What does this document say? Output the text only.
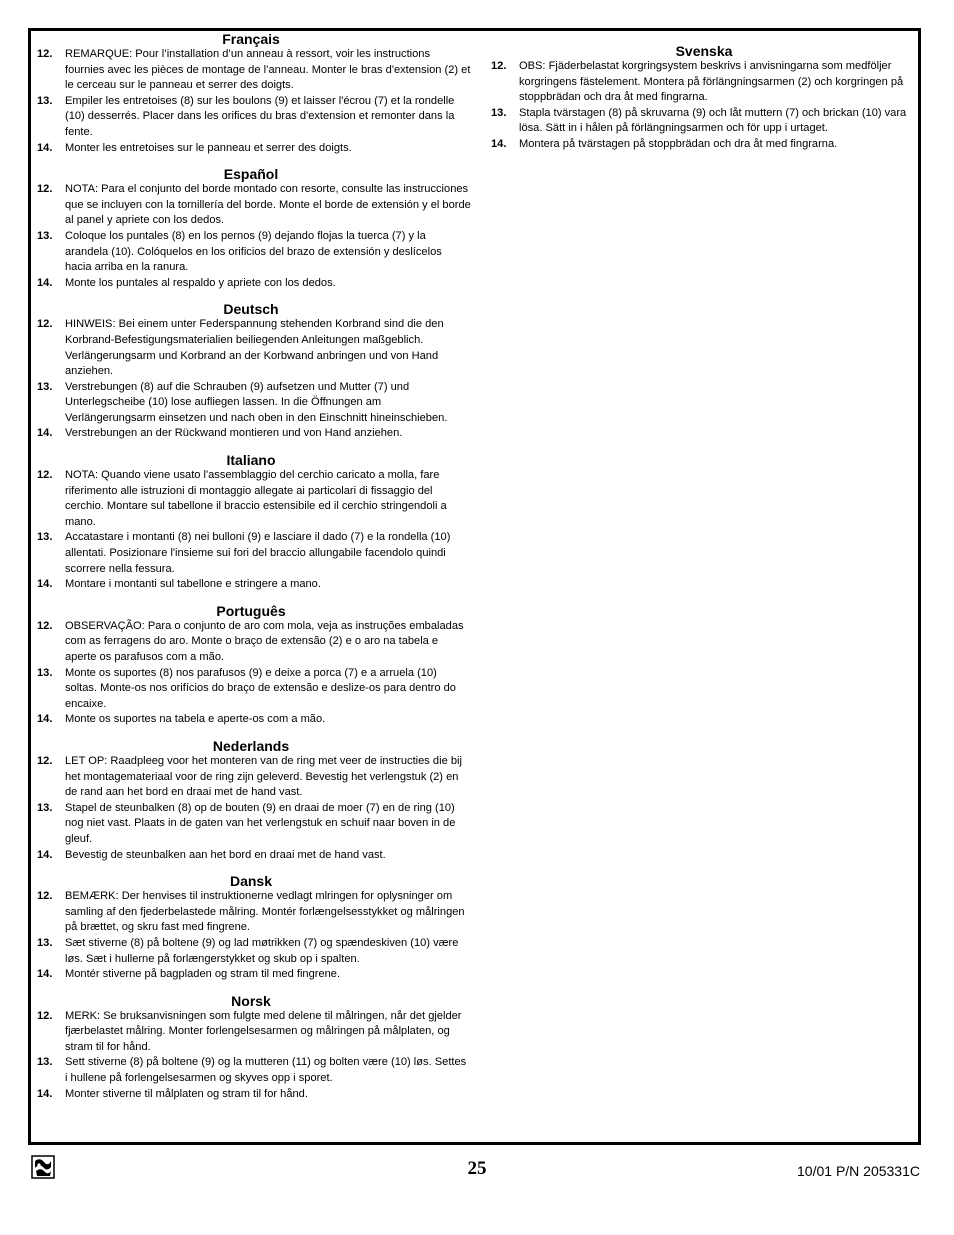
Français
12.	REMARQUE: Pour l’installation d’un anneau à ressort, voir les instructions fournies avec les pièces de montage de l’anneau. Monter le bras d'extension (2) et le cerceau sur le panneau et serrer des doigts.
13.	Empiler les entretoises (8) sur les boulons (9) et laisser l'écrou (7) et la rondelle (10) desserrés. Placer dans les orifices du bras d'extension et remonter dans la fente.
14.	Monter les entretoises sur le panneau et serrer des doigts.
Español
12.	NOTA: Para el conjunto del borde montado con resorte, consulte las instrucciones que se incluyen con la tornillería del borde. Monte el borde de extensión y el borde al panel y apriete con los dedos.
13.	Coloque los puntales (8) en los pernos (9) dejando flojas la tuerca (7) y la arandela (10). Colóquelos en los orificios del brazo de extensión y deslícelos hacia arriba en la ranura.
14.	Monte los puntales al respaldo y apriete con los dedos.
Deutsch
12.	HINWEIS: Bei einem unter Federspannung stehenden Korbrand sind die den Korbrand-Befestigungsmaterialien beiliegenden Anleitungen maßgeblich. Verlängerungsarm und Korbrand an der Korbwand anbringen und von Hand anziehen.
13.	Verstrebungen (8) auf die Schrauben (9) aufsetzen und Mutter (7) und Unterlegscheibe (10) lose aufliegen lassen. In die Öffnungen am Verlängerungsarm einsetzen und nach oben in den Einschnitt hineinschieben.
14.	Verstrebungen an der Rückwand montieren und von Hand anziehen.
Italiano
12.	NOTA: Quando viene usato l'assemblaggio del cerchio caricato a molla, fare riferimento alle istruzioni di montaggio allegate ai particolari di fissaggio del cerchio. Montare sul tabellone il braccio estensibile ed il cerchio stringendoli a mano.
13.	Accatastare i montanti (8) nei bulloni (9) e lasciare il dado (7) e la rondella (10) allentati. Posizionare l'insieme sui fori del braccio allungabile facendolo quindi scorrere nella fessura.
14.	Montare i montanti sul tabellone e stringere a mano.
Português
12.	OBSERVAÇÃO: Para o conjunto de aro com mola, veja as instruções embaladas com as ferragens do aro. Monte o braço de extensão (2) e o aro na tabela e aperte os parafusos com a mão.
13.	Monte os suportes (8) nos parafusos (9) e deixe a porca (7) e a arruela (10) soltas. Monte-os nos orifícios do braço de extensão e deslize-os para dentro do encaixe.
14.	Monte os suportes na tabela e aperte-os com a mão.
Nederlands
12.	LET OP: Raadpleeg voor het monteren van de ring met veer de instructies die bij het montagemateriaal voor de ring zijn geleverd. Bevestig het verlengstuk (2) en de rand aan het bord en draai met de hand vast.
13.	Stapel de steunbalken (8) op de bouten (9) en draai de moer (7) en de ring (10) nog niet vast. Plaats in de gaten van het verlengstuk en schuif naar boven in de gleuf.
14.	Bevestig de steunbalken aan het bord en draai met de hand vast.
Dansk
12.	BEMÆRK: Der henvises til instruktionerne vedlagt mlringen for oplysninger om samling af den fjederbelastede målring. Montér forlængelsesstykket og målringen på brættet, og skru fast med fingrene.
13.	Sæt stiverne (8) på boltene (9) og lad møtrikken (7) og spændeskiven (10) være løs. Sæt i hullerne på forlængerstykket og skub op i spalten.
14.	Montér stiverne på bagpladen og stram til med fingrene.
Norsk
12.	MERK: Se bruksanvisningen som fulgte med delene til målringen, når det gjelder fjærbelastet målring. Monter forlengelsesarmen og målringen på målplaten, og stram til for hånd.
13.	Sett stiverne (8) på boltene (9) og la mutteren (11) og bolten være (10) løs. Settes i hullene på forlengelsesarmen og skyves opp i sporet.
14.	Monter stiverne til målplaten og stram til for hånd.
Svenska
12.	OBS: Fjäderbelastat korgringsystem beskrivs i anvisningarna som medföljer korgringens fästelement. Montera på förlängningsarmen (2) och korgringen på stoppbrädan och dra åt med fingrarna.
13.	Stapla tvärstagen (8) på skruvarna (9) och låt muttern (7) och brickan (10) vara lösa. Sätt in i hålen på förlängningsarmen och för upp i urtaget.
14.	Montera på tvärstagen på stoppbrädan och dra åt med fingrarna.
25	10/01 P/N 205331C
